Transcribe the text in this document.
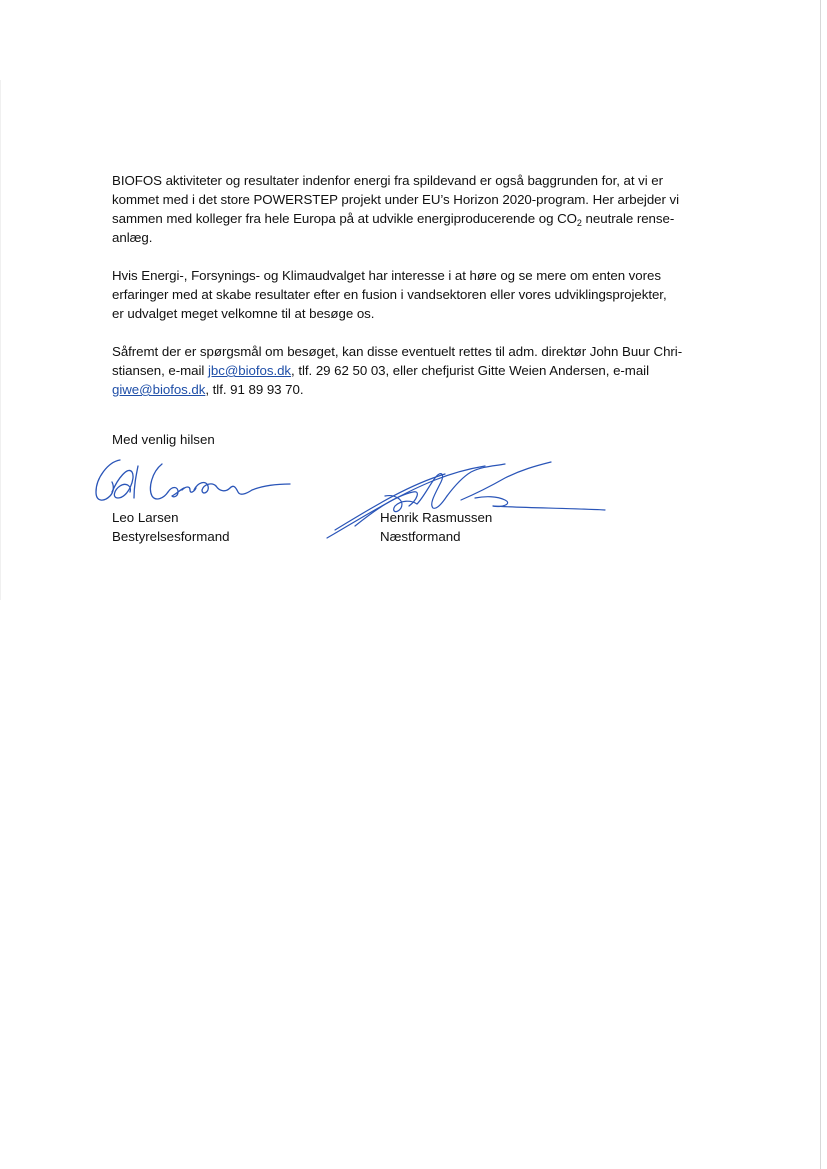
BIOFOS aktiviteter og resultater indenfor energi fra spildevand er også baggrunden for, at vi er
kommet med i det store POWERSTEP projekt under EU’s Horizon 2020-program. Her arbejder vi
sammen med kolleger fra hele Europa på at udvikle energiproducerende og $CO_2$ neutrale rense-
anlæg.

Hvis Energi-, Forsynings- og Klimaudvalget har interesse i at høre og se mere om enten vores
erfaringer med at skabe resultater efter en fusion i vandsektoren eller vores udviklingsprojekter,
er udvalget meget velkomne til at besøge os.

Såfremt der er spørgsmål om besøget, kan disse eventuelt rettes til adm. direktør John Buur Chri-
stiansen, e-mail jbc@biofos.dk, tlf. 29 62 50 03, eller chefjurist Gitte Weien Andersen, e-mail
giwe@biofos.dk, tlf. 91 89 93 70.

Med venlig hilsen
Leo Larsen
Bestyrelsesformand
Henrik Rasmussen
Næstformand
